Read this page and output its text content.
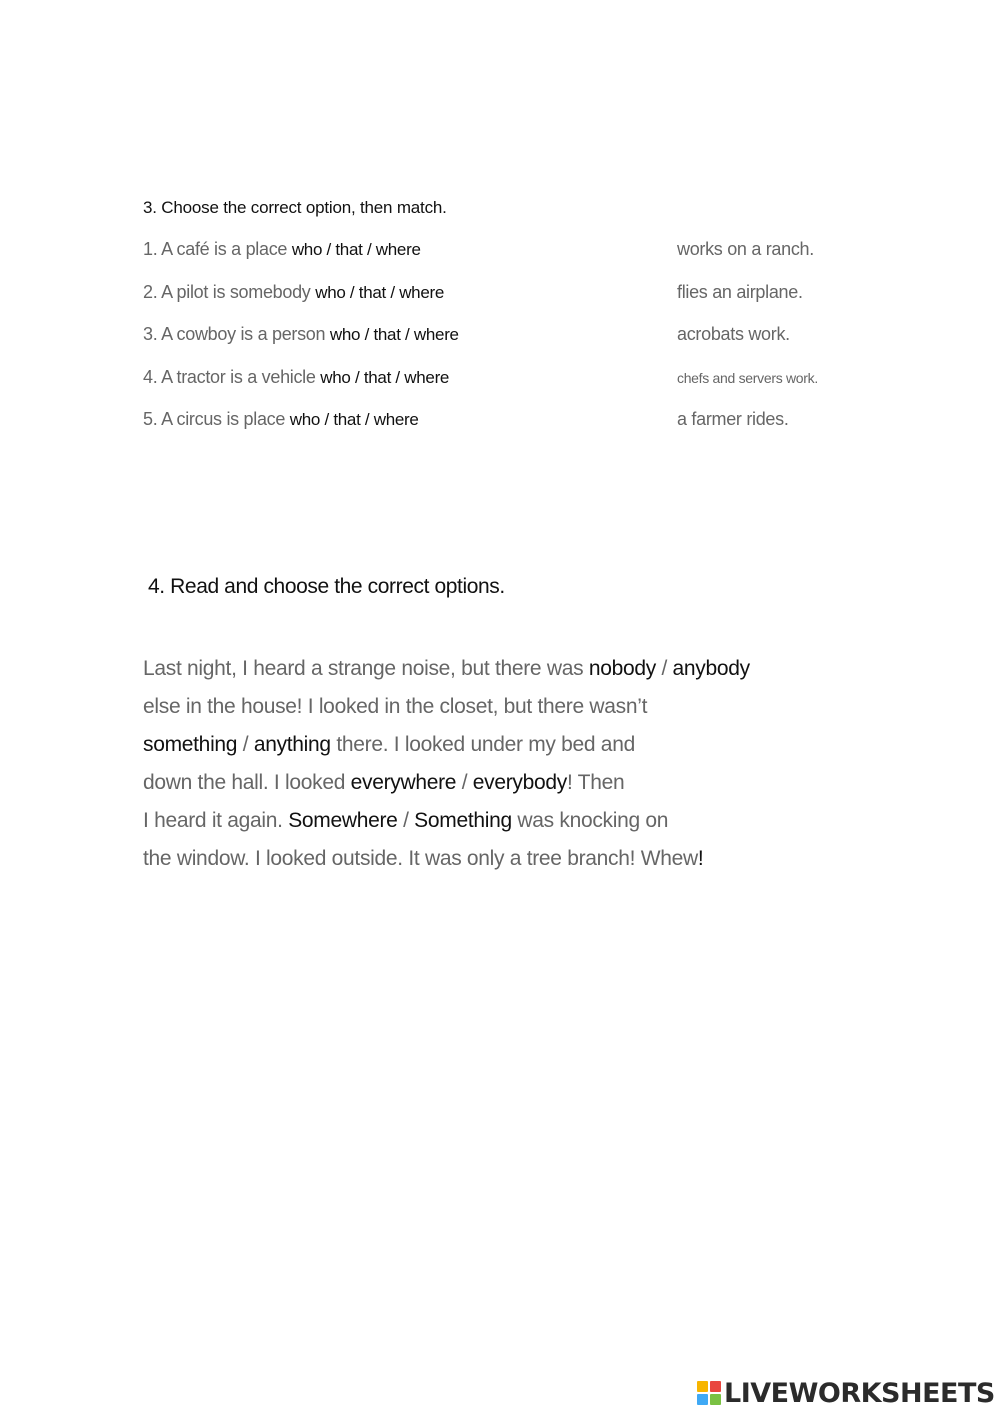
3. Choose the correct option, then match.
1. A café is a place who / that / where	works on a ranch.
2. A pilot is somebody who / that / where	flies an airplane.
3. A cowboy is a person who / that / where	acrobats work.
4. A tractor is a vehicle who / that / where	chefs and servers work.
5. A circus is place who / that / where	a farmer rides.
4. Read and choose the correct options.
Last night, I heard a strange noise, but there was nobody / anybody
else in the house! I looked in the closet, but there wasn’t
something / anything there. I looked under my bed and
down the hall. I looked everywhere / everybody! Then
I heard it again. Somewhere / Something was knocking on
the window. I looked outside. It was only a tree branch! Whew!
LIVEWORKSHEETS
